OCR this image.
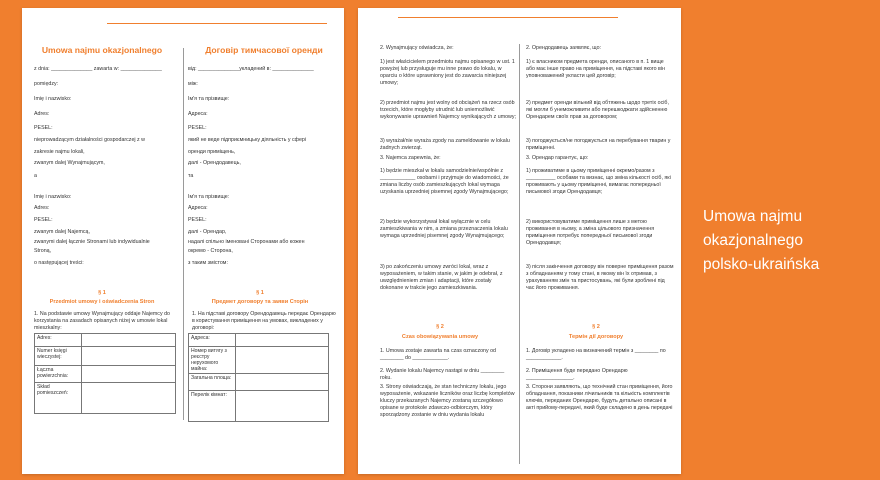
Umowa najmu okazjonalnego	Договір тимчасової оренди
z dnia: ______________ zawarta w: ______________
pomiędzy:
Imię i nazwisko:
Adres:
PESEL:
nieprowadzącym działalności gospodarczej z w
zakresie najmu lokali,
zwanym dalej Wynajmującym,
a
Imię i nazwisko:
Adres:
PESEL:
zwanym dalej Najemcą,
zwanymi dalej łącznie Stronami lub indywidualnie
Stroną,
o następującej treści:
від: ______________укладений в: ______________
між:
Ім'я та прізвище:
Адреса:
PESEL:
який не веде підприємницьку діяльність у сфері
оренди приміщень,
далі - Орендодавець,
та
Ім'я та прізвище:
Адреса:
PESEL:
далі - Орендар,
надалі спільно іменовані Сторонами або кожен
окремо - Сторона,
з таким змістом:
§ 1
Przedmiot umowy i oświadczenia Stron
§ 1
Предмет договору та заяви Сторін
1. Na podstawie umowy Wynajmujący oddaje Najemcy do korzystania na zasadach opisanych niżej w umowie lokal mieszkalny:
1. На підставі договору Орендодавець передає Орендарю в користування приміщення на умовах, викладених у договорі:
Adres:	
Numer księgi wieczystej:	
Łączna powierzchnia:	
Skład pomieszczeń:	
Адреса:	
Номер витягу з реєстру нерухомого майна:	
Загальна площа:	
Перелік кімнат:	
2. Wynajmujący oświadcza, że:
1) jest właścicielem przedmiotu najmu opisanego w ust. 1 powyżej lub przysługuje mu inne prawo do lokalu, w oparciu o które uprawniony jest do zawarcia niniejszej umowy;
2) przedmiot najmu jest wolny od obciążeń na rzecz osób trzecich, które mogłyby utrudnić lub uniemożliwić wykonywanie uprawnień Najemcy wynikających z umowy;
3) wyrażał/nie wyraża zgody na zameldowanie w lokalu żadnych zwierząt.
3. Najemca zapewnia, że:
1) będzie mieszkał w lokalu samodzielnie/wspólnie z ____________ osobami i przyjmuje do wiadomości, że zmiana liczby osób zamieszkujących lokal wymaga uzyskania uprzedniej pisemnej zgody Wynajmującego;
2) będzie wykorzystywał lokal wyłącznie w celu zamieszkiwania w nim, a zmiana przeznaczenia lokalu wymaga uprzedniej pisemnej zgody Wynajmującego;
3) po zakończeniu umowy zwróci lokal, wraz z wyposażeniem, w takim stanie, w jakim je odebrał, z uwzględnieniem zmian i adaptacji, które zostały dokonane w trakcie jego zamieszkiwania.
2. Орендодавець заявляє, що:
1) є власником предмета оренди, описаного в п. 1 вище або має інше право на приміщення, на підставі якого він уповноважений укласти цей договір;
2) предмет оренди вільний від обтяжень щодо третіх осіб, які могли б унеможливити або перешкоджати здійсненню Орендарем своїх прав за договором;
3) погоджується/не погоджується на перебування тварин у приміщенні.
3. Орендар гарантує, що:
1) проживатиме в цьому приміщенні окремо/разом з __________ особами та визнає, що зміна кількості осіб, які проживають у цьому приміщенні, вимагає попередньої письмової згоди Орендодавця;
2) використовуватиме приміщення лише з метою проживання в ньому, а зміна цільового призначення приміщення потребує попередньої письмової згоди Орендодавця;
3) після закінчення договору він поверне приміщення разом з обладнанням у тому стані, в якому він їх отримав, з урахуванням змін та пристосувань, які були зроблені під час його проживання.
§ 2
Czas obowiązywania umowy
§ 2
Термін дії договору
1. Umowa zostaje zawarta na czas oznaczony od ________ do ____________.
2. Wydanie lokalu Najemcy nastąpi w dniu ________ roku.
3. Strony oświadczają, że stan techniczny lokalu, jego wyposażenie, wskazanie liczników oraz liczbę kompletów kluczy przekazanych Najemcy zostaną szczegółowo opisane w protokole zdawczo-odbiorczym, który sporządzony zostanie w dniu wydania lokalu
1. Договір укладено на визначений термін з ________ по ____________.
2. Приміщення буде передано Орендарю ________________.
3. Сторони заявляють, що технічний стан приміщення, його обладнання, показники лічильників та кількість комплектів ключів, переданих Орендарю, будуть детально описані в акті прийому-передачі, який буде складено в день передачі
Umowa najmu
okazjonalnego
polsko-ukraińska
